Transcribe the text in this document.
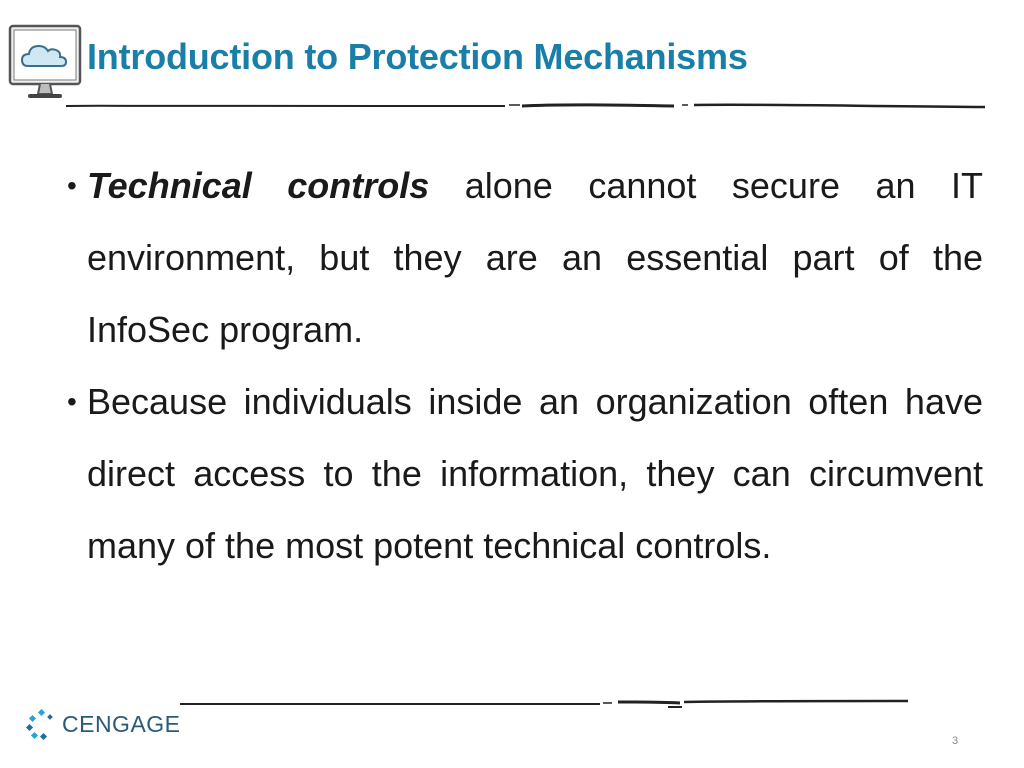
Introduction to Protection Mechanisms

• Technical controls alone cannot secure an IT environment, but they are an essential part of the InfoSec program.

• Because individuals inside an organization often have direct access to the information, they can circumvent many of the most potent technical controls.

CENGAGE
3
